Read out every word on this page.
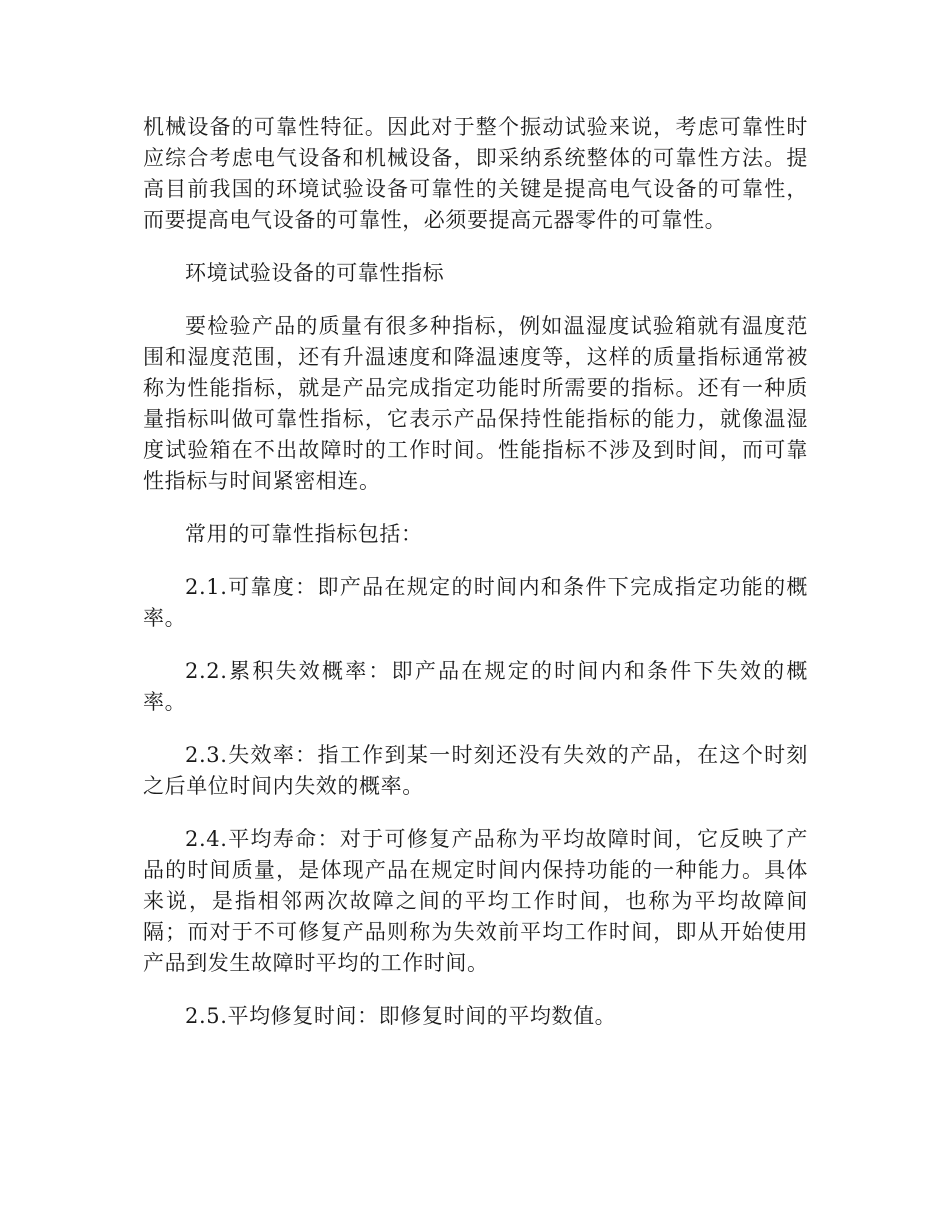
机械设备的可靠性特征。因此对于整个振动试验来说，考虑可靠性时应综合考虑电气设备和机械设备，即采纳系统整体的可靠性方法。提高目前我国的环境试验设备可靠性的关键是提高电气设备的可靠性，而要提高电气设备的可靠性，必须要提高元器零件的可靠性。

环境试验设备的可靠性指标

要检验产品的质量有很多种指标，例如温湿度试验箱就有温度范围和湿度范围，还有升温速度和降温速度等，这样的质量指标通常被称为性能指标，就是产品完成指定功能时所需要的指标。还有一种质量指标叫做可靠性指标，它表示产品保持性能指标的能力，就像温湿度试验箱在不出故障时的工作时间。性能指标不涉及到时间，而可靠性指标与时间紧密相连。

常用的可靠性指标包括：

2.1.可靠度：即产品在规定的时间内和条件下完成指定功能的概率。

2.2.累积失效概率：即产品在规定的时间内和条件下失效的概率。

2.3.失效率：指工作到某一时刻还没有失效的产品，在这个时刻之后单位时间内失效的概率。

2.4.平均寿命：对于可修复产品称为平均故障时间，它反映了产品的时间质量，是体现产品在规定时间内保持功能的一种能力。具体来说，是指相邻两次故障之间的平均工作时间，也称为平均故障间隔；而对于不可修复产品则称为失效前平均工作时间，即从开始使用产品到发生故障时平均的工作时间。

2.5.平均修复时间：即修复时间的平均数值。
